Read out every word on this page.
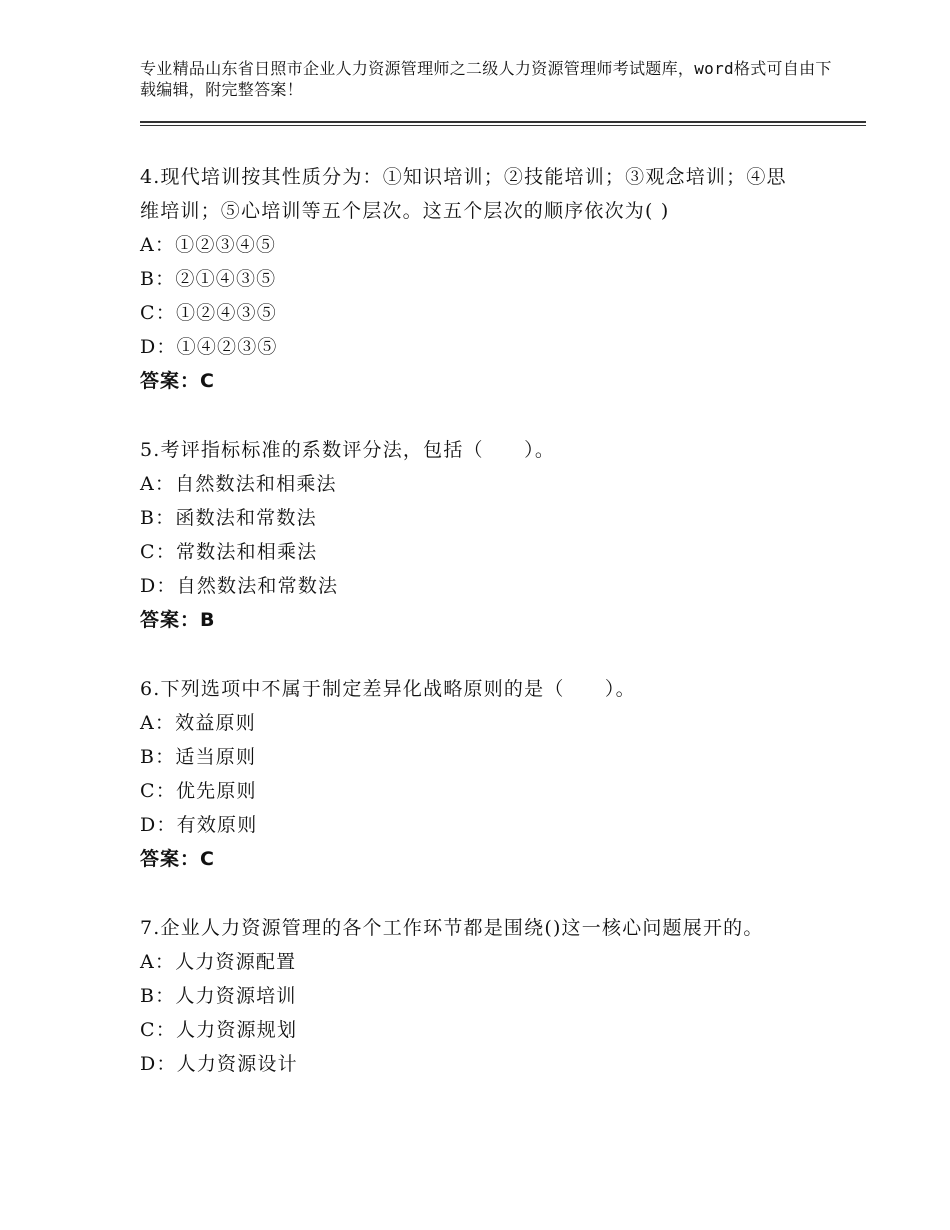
专业精品山东省日照市企业人力资源管理师之二级人力资源管理师考试题库，word格式可自由下载编辑，附完整答案！
4.现代培训按其性质分为：①知识培训；②技能培训；③观念培训；④思维培训；⑤心培训等五个层次。这五个层次的顺序依次为( )
A：①②③④⑤
B：②①④③⑤
C：①②④③⑤
D：①④②③⑤
答案：C
5.考评指标标准的系数评分法，包括（　　）。
A：自然数法和相乘法
B：函数法和常数法
C：常数法和相乘法
D：自然数法和常数法
答案：B
6.下列选项中不属于制定差异化战略原则的是（　　）。
A：效益原则
B：适当原则
C：优先原则
D：有效原则
答案：C
7.企业人力资源管理的各个工作环节都是围绕()这一核心问题展开的。
A：人力资源配置
B：人力资源培训
C：人力资源规划
D：人力资源设计
